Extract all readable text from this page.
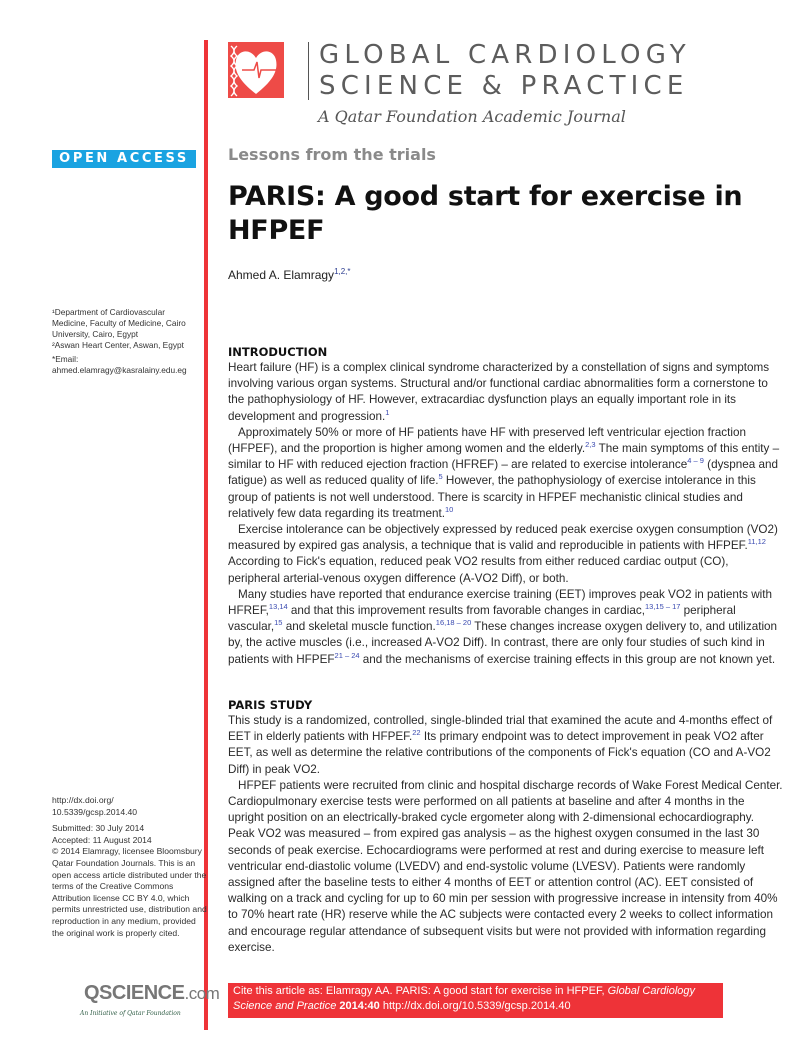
GLOBAL CARDIOLOGY
SCIENCE & PRACTICE
A Qatar Foundation Academic Journal
OPEN ACCESS

¹Department of Cardiovascular Medicine, Faculty of Medicine, Cairo University, Cairo, Egypt

²Aswan Heart Center, Aswan, Egypt

*Email:

ahmed.elamragy@kasralainy.edu.eg

http://dx.doi.org/

10.5339/gcsp.2014.40

Submitted: 30 July 2014

Accepted: 11 August 2014

© 2014 Elamragy, licensee Bloomsbury Qatar Foundation Journals. This is an open access article distributed under the terms of the Creative Commons Attribution license CC BY 4.0, which permits unrestricted use, distribution and reproduction in any medium, provided the original work is properly cited.

QSCIENCE.com
An Initiative of Qatar Foundation
Lessons from the trials
PARIS: A good start for exercise in HFPEF
Ahmed A. Elamragy$^{1,2,*}$
INTRODUCTION

Heart failure (HF) is a complex clinical syndrome characterized by a constellation of signs and symptoms involving various organ systems. Structural and/or functional cardiac abnormalities form a cornerstone to the pathophysiology of HF. However, extracardiac dysfunction plays an equally important role in its development and progression.$^1$

Approximately 50% or more of HF patients have HF with preserved left ventricular ejection fraction (HFPEF), and the proportion is higher among women and the elderly.$^{2,3}$ The main symptoms of this entity – similar to HF with reduced ejection fraction (HFREF) – are related to exercise intolerance$^{4 - 9}$ (dyspnea and fatigue) as well as reduced quality of life.$^5$ However, the pathophysiology of exercise intolerance in this group of patients is not well understood. There is scarcity in HFPEF mechanistic clinical studies and relatively few data regarding its treatment.$^{10}$

Exercise intolerance can be objectively expressed by reduced peak exercise oxygen consumption (VO2) measured by expired gas analysis, a technique that is valid and reproducible in patients with HFPEF.$^{11,12}$ According to Fick's equation, reduced peak VO2 results from either reduced cardiac output (CO), peripheral arterial-venous oxygen difference (A-VO2 Diff), or both.

Many studies have reported that endurance exercise training (EET) improves peak VO2 in patients with HFREF,$^{13,14}$ and that this improvement results from favorable changes in cardiac,$^{13,15 - 17}$ peripheral vascular,$^{15}$ and skeletal muscle function.$^{16,18 - 20}$ These changes increase oxygen delivery to, and utilization by, the active muscles (i.e., increased A-VO2 Diff). In contrast, there are only four studies of such kind in patients with HFPEF$^{21 - 24}$ and the mechanisms of exercise training effects in this group are not known yet.

PARIS STUDY

This study is a randomized, controlled, single-blinded trial that examined the acute and 4-months effect of EET in elderly patients with HFPEF.$^{22}$ Its primary endpoint was to detect improvement in peak VO2 after EET, as well as determine the relative contributions of the components of Fick's equation (CO and A-VO2 Diff) in peak VO2.

HFPEF patients were recruited from clinic and hospital discharge records of Wake Forest Medical Center. Cardiopulmonary exercise tests were performed on all patients at baseline and after 4 months in the upright position on an electrically-braked cycle ergometer along with 2-dimensional echocardiography. Peak VO2 was measured – from expired gas analysis – as the highest oxygen consumed in the last 30 seconds of peak exercise. Echocardiograms were performed at rest and during exercise to measure left ventricular end-diastolic volume (LVEDV) and end-systolic volume (LVESV). Patients were randomly assigned after the baseline tests to either 4 months of EET or attention control (AC). EET consisted of walking on a track and cycling for up to 60 min per session with progressive increase in intensity from 40% to 70% heart rate (HR) reserve while the AC subjects were contacted every 2 weeks to collect information and encourage regular attendance of subsequent visits but were not provided with information regarding exercise.

Cite this article as: Elamragy AA. PARIS: A good start for exercise in HFPEF, Global Cardiology Science and Practice 2014:40 http://dx.doi.org/10.5339/gcsp.2014.40
